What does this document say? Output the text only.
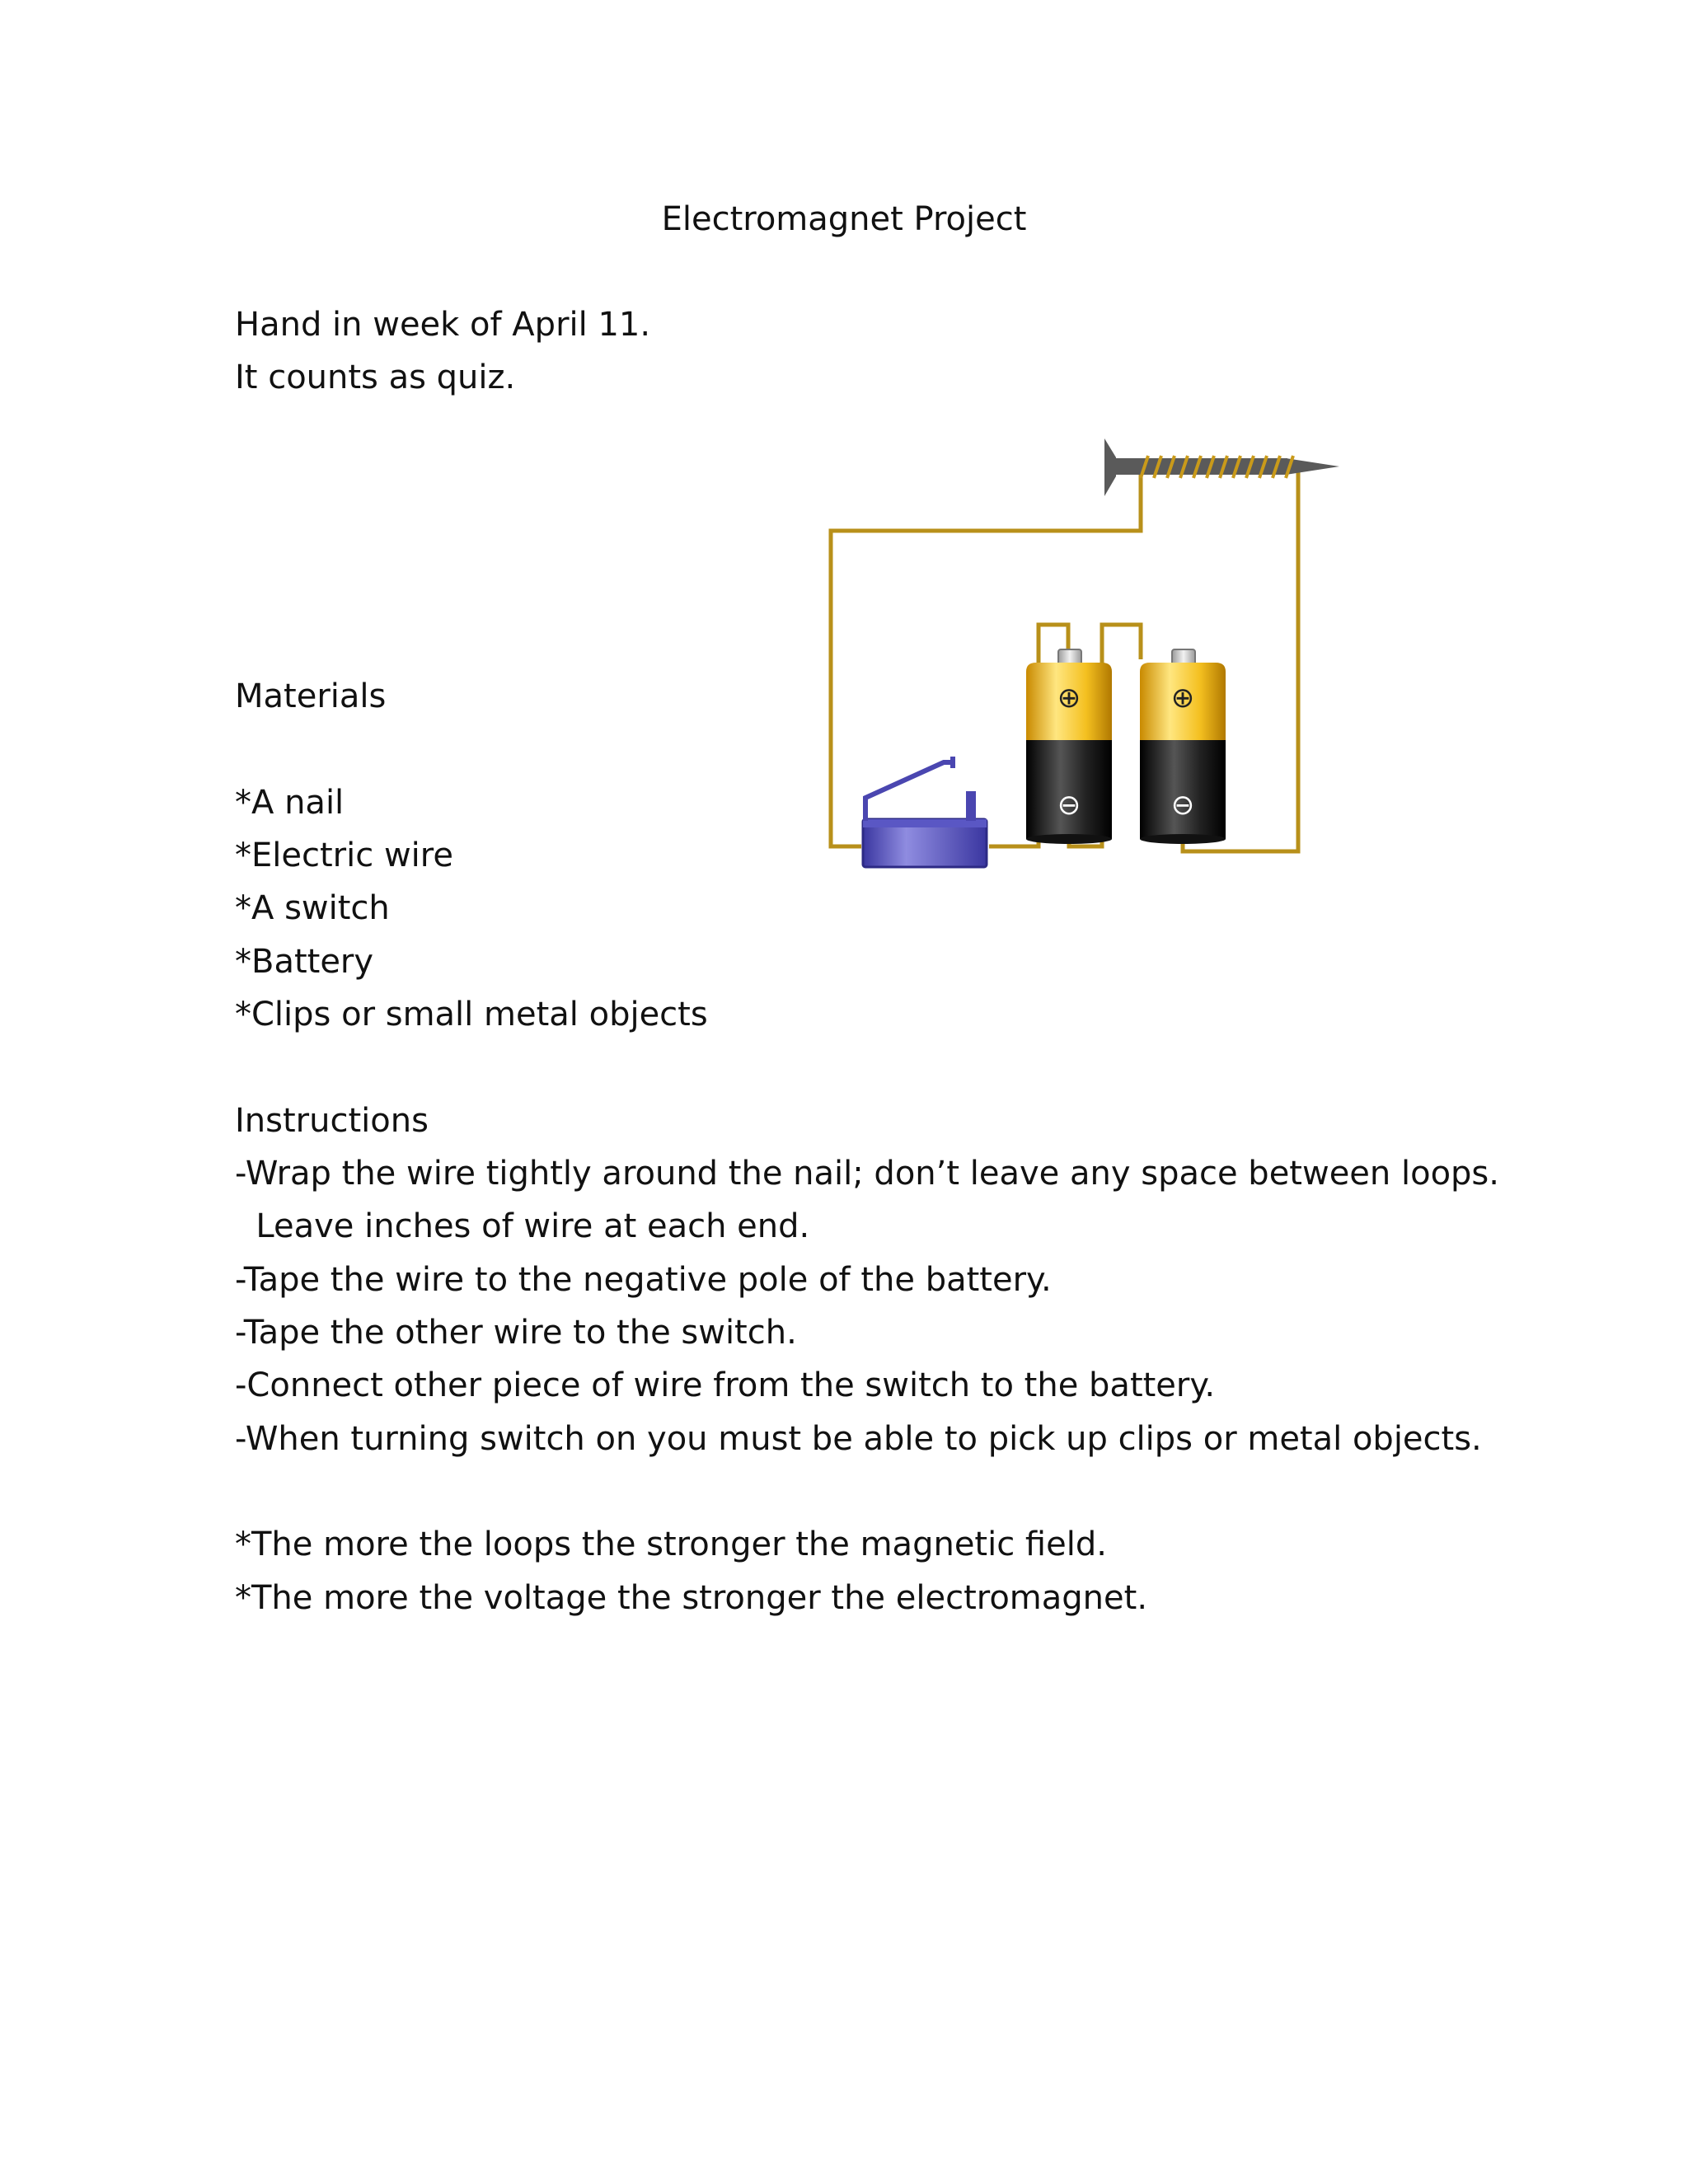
Electromagnet Project

Hand in week of April 11.

It counts as quiz.

Materials

*A nail

*Electric wire

*A switch

*Battery

*Clips or small metal objects

Instructions

-Wrap the wire tightly around the nail; don’t leave any space between loops.

Leave inches of wire at each end.

-Tape the wire to the negative pole of the battery.

-Tape the other wire to the switch.

-Connect other piece of wire from the switch to the battery.

-When turning switch on you must be able to pick up clips or metal objects.

*The more the loops the stronger the magnetic field.

*The more the voltage the stronger the electromagnet.

⊕
⊖
⊕
⊖
